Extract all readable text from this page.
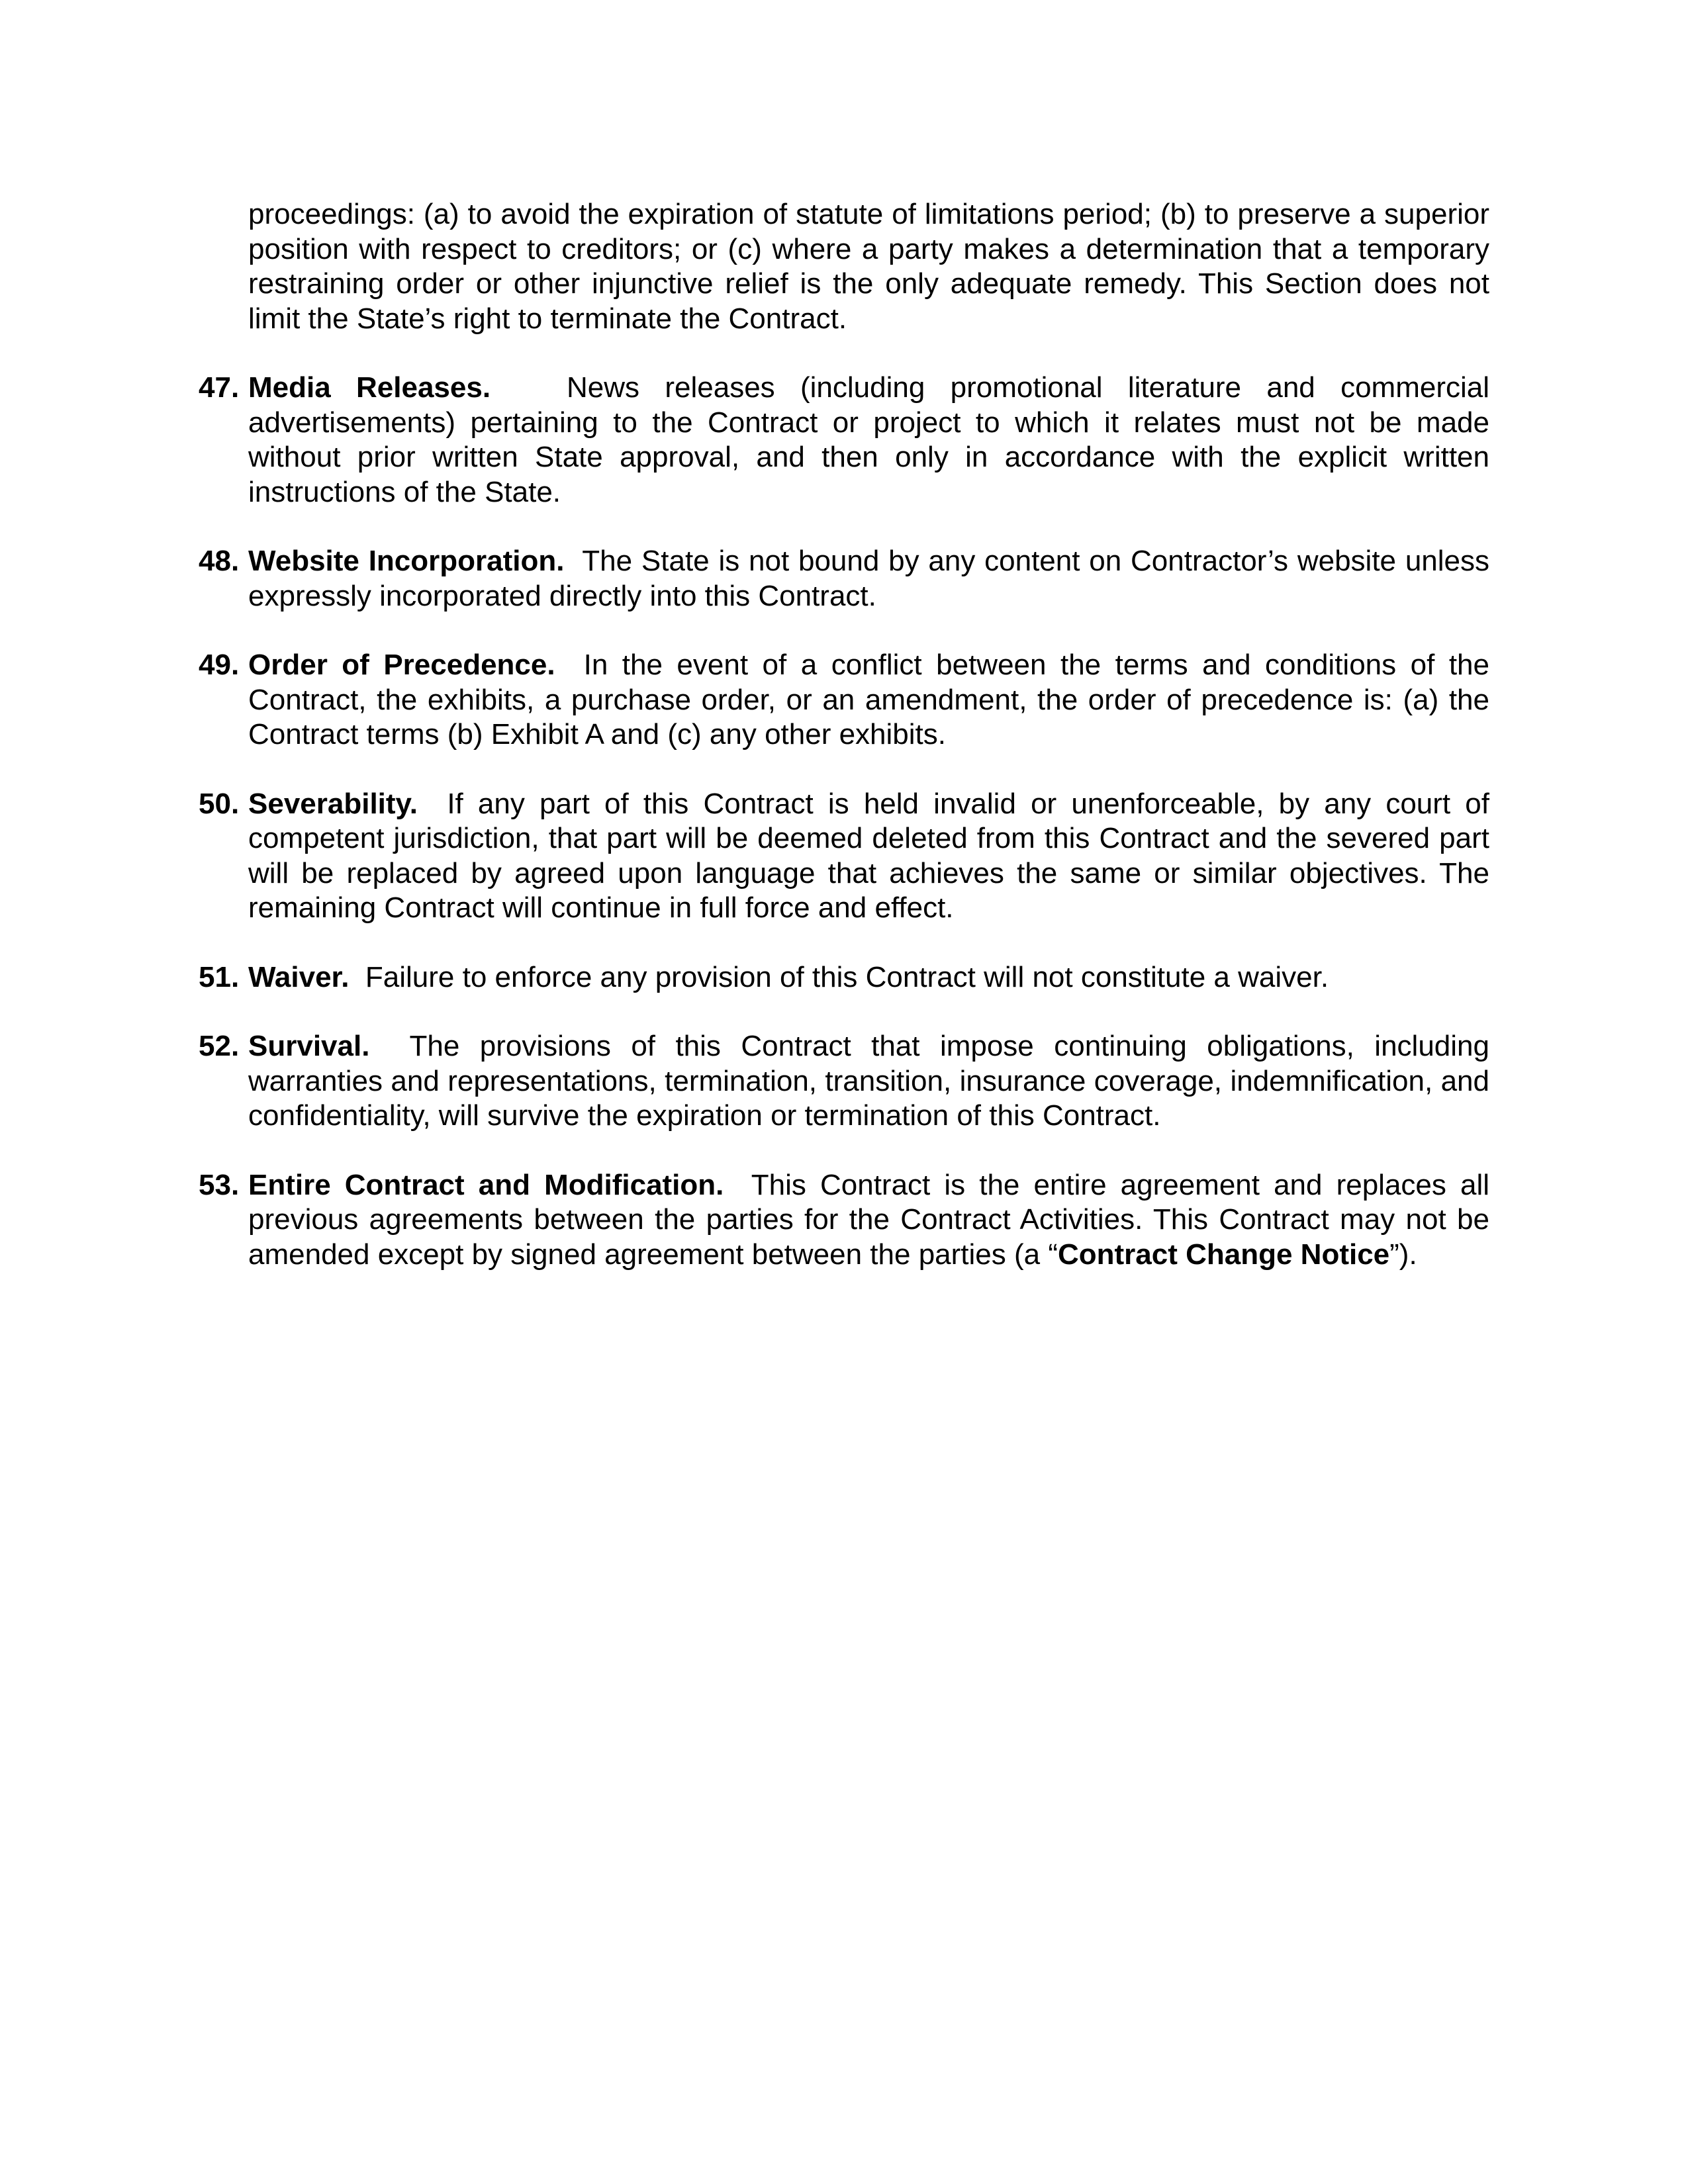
proceedings: (a) to avoid the expiration of statute of limitations period; (b) to preserve a superior position with respect to creditors; or (c) where a party makes a determination that a temporary restraining order or other injunctive relief is the only adequate remedy. This Section does not limit the State’s right to terminate the Contract.

47. Media Releases.	News releases (including promotional literature and commercial advertisements) pertaining to the Contract or project to which it relates must not be made without prior written State approval, and then only in accordance with the explicit written instructions of the State.

48. Website Incorporation. The State is not bound by any content on Contractor’s website unless expressly incorporated directly into this Contract.

49. Order of Precedence. In the event of a conflict between the terms and conditions of the Contract, the exhibits, a purchase order, or an amendment, the order of precedence is: (a) the Contract terms (b) Exhibit A and (c) any other exhibits.

50. Severability. If any part of this Contract is held invalid or unenforceable, by any court of competent jurisdiction, that part will be deemed deleted from this Contract and the severed part will be replaced by agreed upon language that achieves the same or similar objectives. The remaining Contract will continue in full force and effect.

51. Waiver. Failure to enforce any provision of this Contract will not constitute a waiver.

52. Survival. The provisions of this Contract that impose continuing obligations, including warranties and representations, termination, transition, insurance coverage, indemnification, and confidentiality, will survive the expiration or termination of this Contract.

53. Entire Contract and Modification. This Contract is the entire agreement and replaces all previous agreements between the parties for the Contract Activities. This Contract may not be amended except by signed agreement between the parties (a “Contract Change Notice”).
